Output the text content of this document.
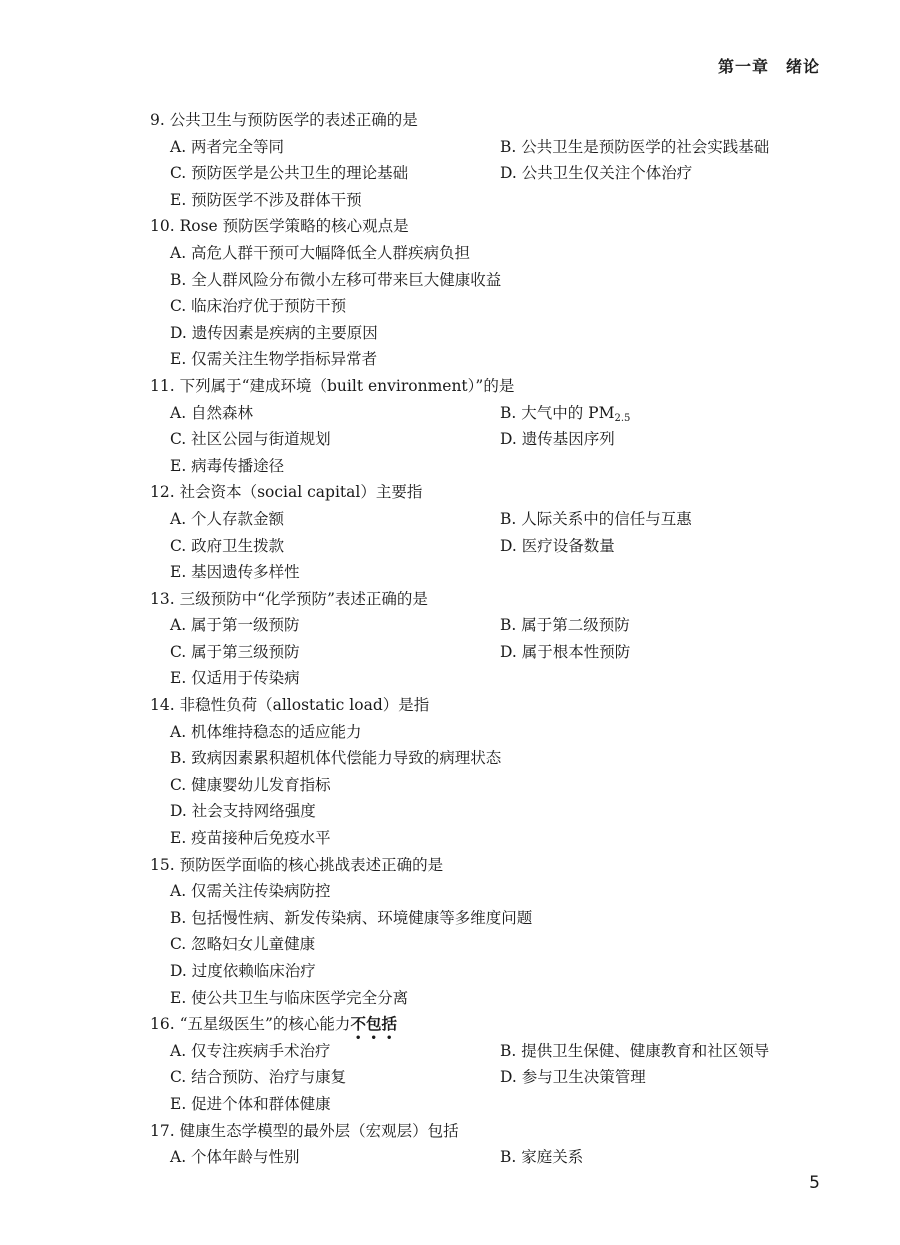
第一章　绪论
9. 公共卫生与预防医学的表述正确的是
A. 两者完全等同	B. 公共卫生是预防医学的社会实践基础
C. 预防医学是公共卫生的理论基础	D. 公共卫生仅关注个体治疗
E. 预防医学不涉及群体干预
10. Rose 预防医学策略的核心观点是
A. 高危人群干预可大幅降低全人群疾病负担
B. 全人群风险分布微小左移可带来巨大健康收益
C. 临床治疗优于预防干预
D. 遗传因素是疾病的主要原因
E. 仅需关注生物学指标异常者
11. 下列属于“建成环境（built environment）”的是
A. 自然森林	B. 大气中的 $PM_{2.5}$
C. 社区公园与街道规划	D. 遗传基因序列
E. 病毒传播途径
12. 社会资本（social capital）主要指
A. 个人存款金额	B. 人际关系中的信任与互惠
C. 政府卫生拨款	D. 医疗设备数量
E. 基因遗传多样性
13. 三级预防中“化学预防”表述正确的是
A. 属于第一级预防	B. 属于第二级预防
C. 属于第三级预防	D. 属于根本性预防
E. 仅适用于传染病
14. 非稳性负荷（allostatic load）是指
A. 机体维持稳态的适应能力
B. 致病因素累积超机体代偿能力导致的病理状态
C. 健康婴幼儿发育指标
D. 社会支持网络强度
E. 疫苗接种后免疫水平
15. 预防医学面临的核心挑战表述正确的是
A. 仅需关注传染病防控
B. 包括慢性病、新发传染病、环境健康等多维度问题
C. 忽略妇女儿童健康
D. 过度依赖临床治疗
E. 使公共卫生与临床医学完全分离
16. “五星级医生”的核心能力不包括
• • •
A. 仅专注疾病手术治疗	B. 提供卫生保健、健康教育和社区领导
C. 结合预防、治疗与康复	D. 参与卫生决策管理
E. 促进个体和群体健康
17. 健康生态学模型的最外层（宏观层）包括
A. 个体年龄与性别	B. 家庭关系
5
